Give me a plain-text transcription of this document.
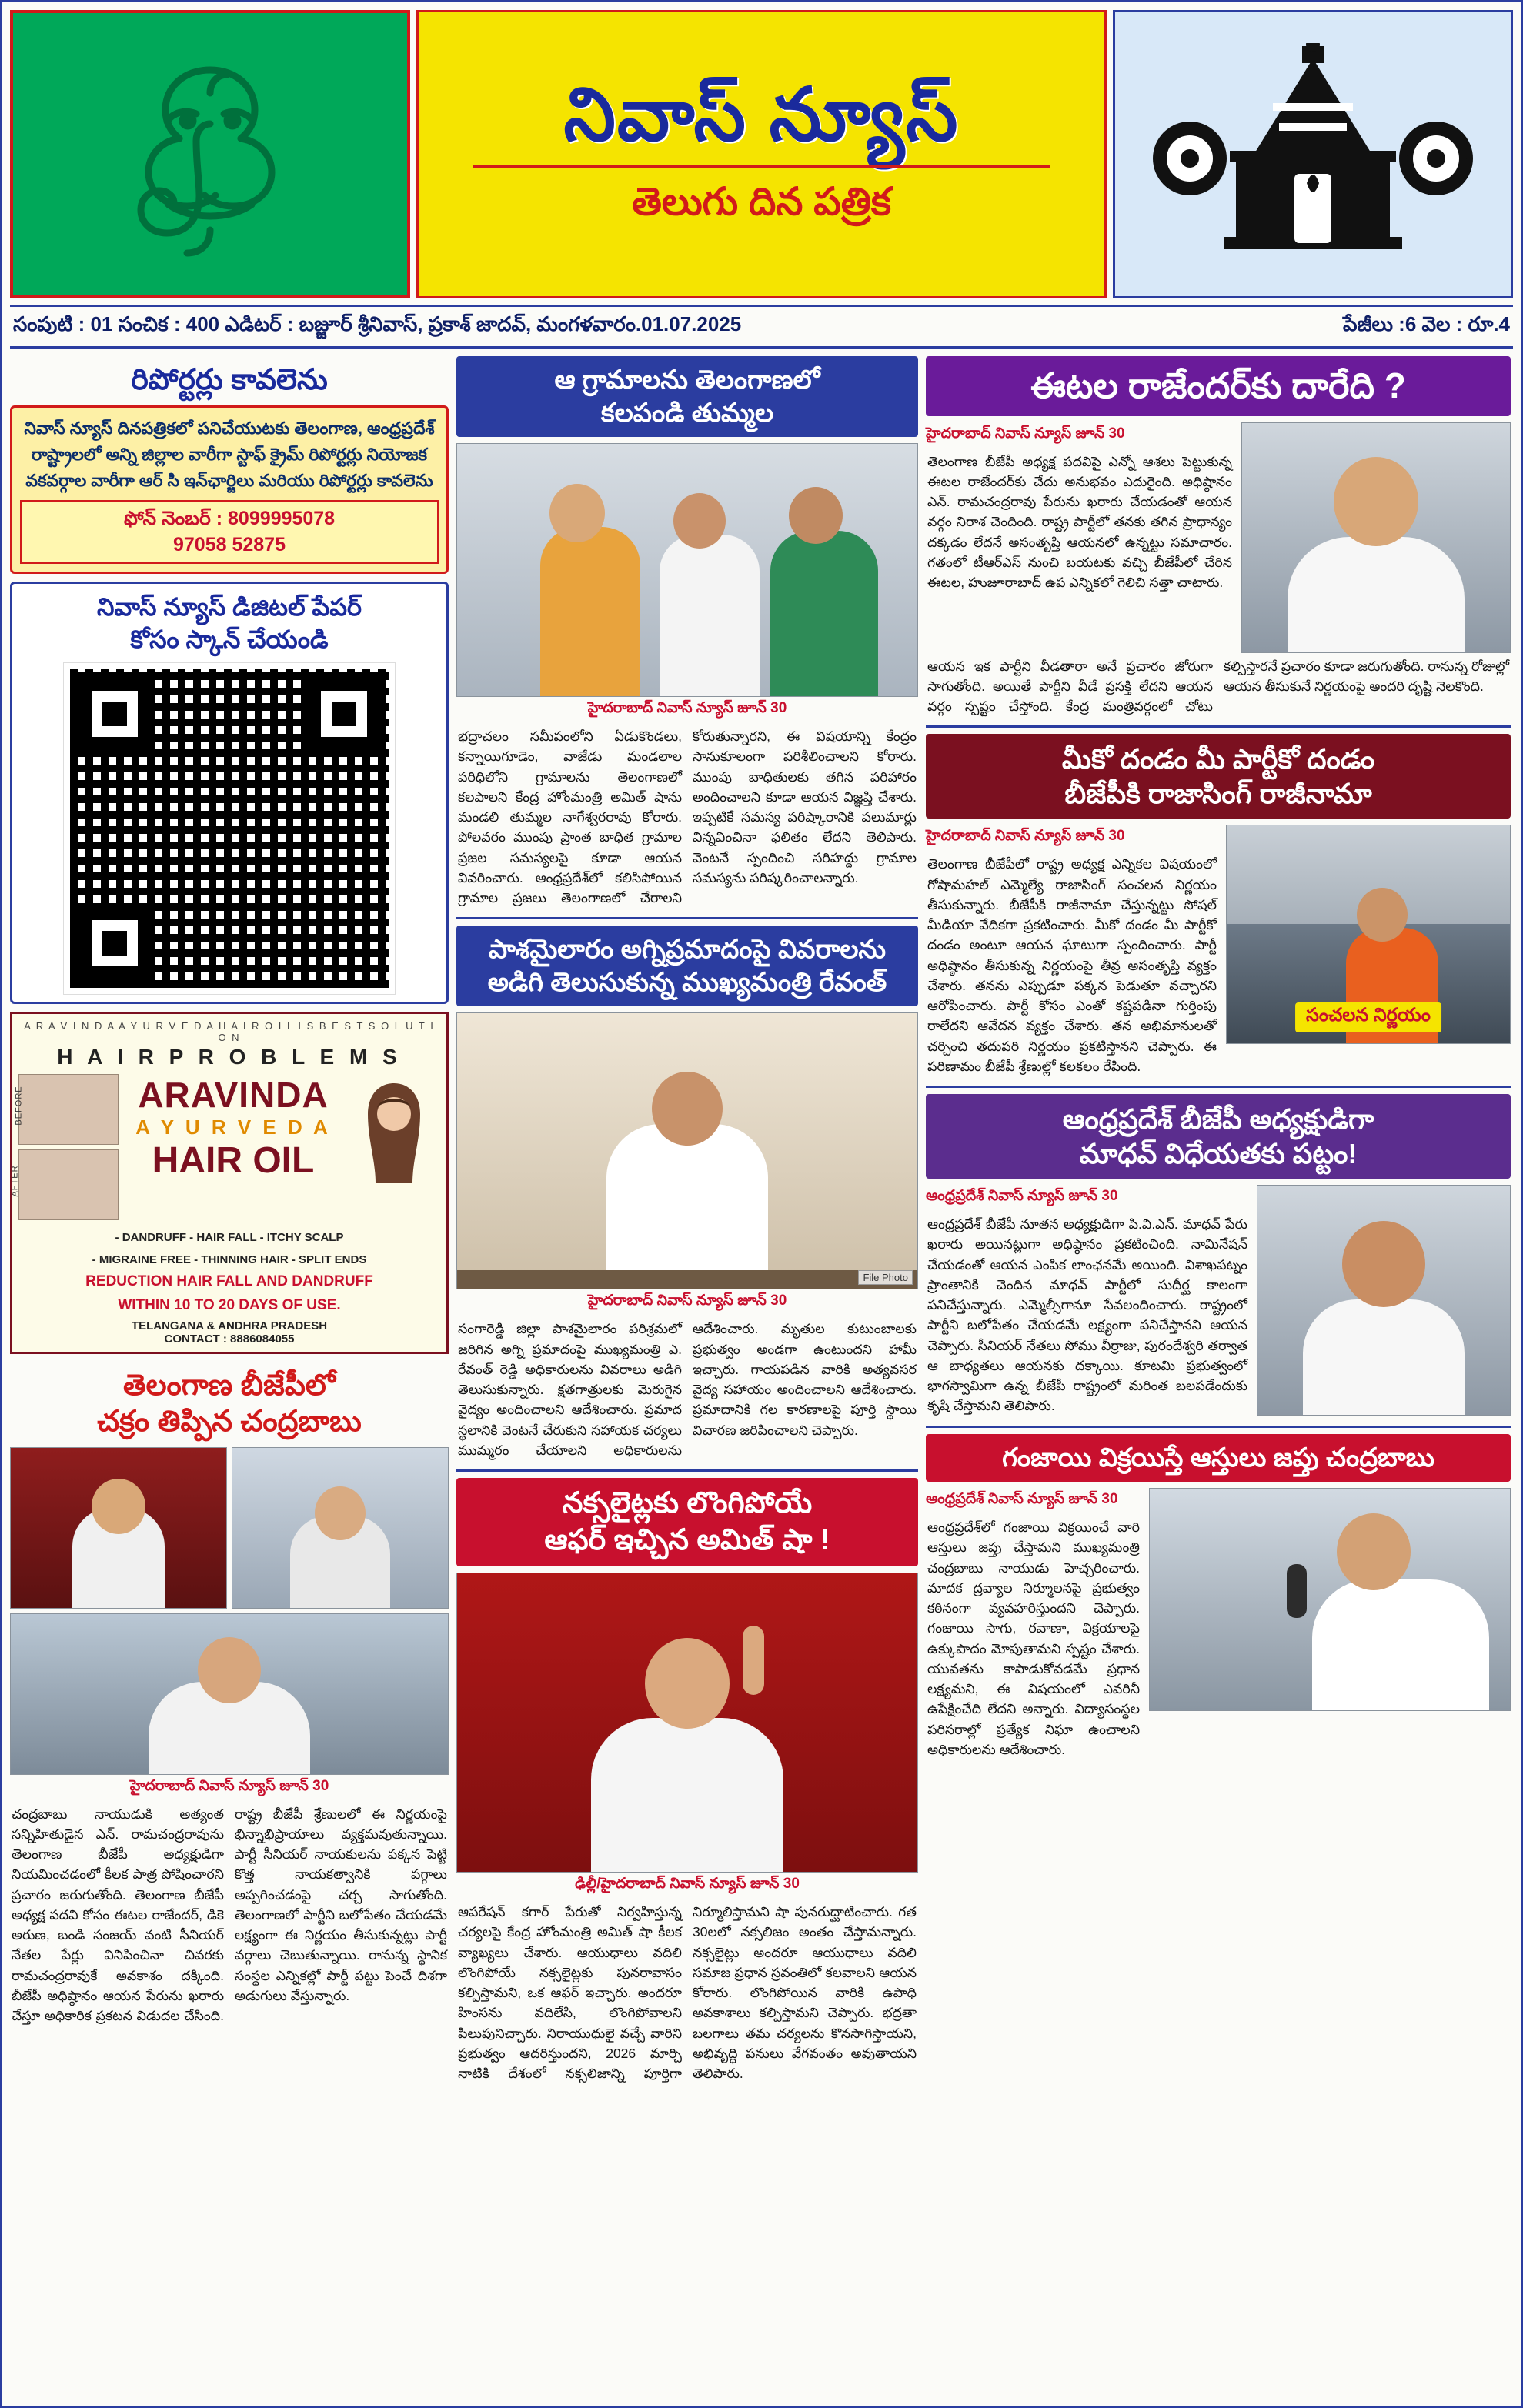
నివాస్ న్యూస్
తెలుగు దిన పత్రిక
సంపుటి : 01 సంచిక : 400 ఎడిటర్ : బజ్జూర్ శ్రీనివాస్, ప్రకాశ్ జాదవ్, మంగళవారం.01.07.2025	పేజీలు :6 వెల : రూ.4
రిపోర్టర్లు కావలెను
నివాస్ న్యూస్ దినపత్రికలో పనిచేయుటకు తెలంగాణ, ఆంధ్రప్రదేశ్ రాష్ట్రాలలో అన్ని జిల్లాల వారీగా స్టాఫ్ క్రైమ్ రిపోర్టర్లు నియోజక వకవర్గాల వారీగా ఆర్ సి ఇన్‌ఛార్జిలు మరియు రిపోర్టర్లు కావలెను
ఫోన్ నెంబర్ : 8099995078
97058 52875
నివాస్ న్యూస్ డిజిటల్ పేపర్
కోసం స్కాన్ చేయండి
A R A V I N D A A Y U R V E D A H A I R O I L I S B E S T S O L U T I O N
H A I R P R O B L E M S
BEFORE
AFTER
ARAVINDA
A Y U R V E D A
HAIR OIL
- DANDRUFF - HAIR FALL - ITCHY SCALP
- MIGRAINE FREE - THINNING HAIR - SPLIT ENDS
REDUCTION HAIR FALL AND DANDRUFF
WITHIN 10 TO 20 DAYS OF USE.
TELANGANA & ANDHRA PRADESH
CONTACT : 8886084055
తెలంగాణ బీజేపీలో
చక్రం తిప్పిన చంద్రబాబు
హైదరాబాద్ నివాస్ న్యూస్ జూన్ 30
చంద్రబాబు నాయుడుకి అత్యంత సన్నిహితుడైన ఎన్. రామచంద్రరావును తెలంగాణ బీజేపీ అధ్యక్షుడిగా నియమించడంలో కీలక పాత్ర పోషించారని ప్రచారం జరుగుతోంది. తెలంగాణ బీజేపీ అధ్యక్ష పదవి కోసం ఈటల రాజేందర్, డికె అరుణ, బండి సంజయ్ వంటి సీనియర్ నేతల పేర్లు వినిపించినా చివరకు రామచంద్రరావుకే అవకాశం దక్కింది. బీజేపీ అధిష్ఠానం ఆయన పేరును ఖరారు చేస్తూ అధికారిక ప్రకటన విడుదల చేసింది. రాష్ట్ర బీజేపీ శ్రేణులలో ఈ నిర్ణయంపై భిన్నాభిప్రాయాలు వ్యక్తమవుతున్నాయి. పార్టీ సీనియర్ నాయకులను పక్కన పెట్టి కొత్త నాయకత్వానికి పగ్గాలు అప్పగించడంపై చర్చ సాగుతోంది. తెలంగాణలో పార్టీని బలోపేతం చేయడమే లక్ష్యంగా ఈ నిర్ణయం తీసుకున్నట్లు పార్టీ వర్గాలు చెబుతున్నాయి. రానున్న స్థానిక సంస్థల ఎన్నికల్లో పార్టీ పట్టు పెంచే దిశగా అడుగులు వేస్తున్నారు.
ఆ గ్రామాలను తెలంగాణలో
కలపండి తుమ్మల
హైదరాబాద్ నివాస్ న్యూస్ జూన్ 30
భద్రాచలం సమీపంలోని ఏడుకొండలు, కన్నాయిగూడెం, వాజేడు మండలాల పరిధిలోని గ్రామాలను తెలంగాణలో కలపాలని కేంద్ర హోంమంత్రి అమిత్ షాను మండలి తుమ్మల నాగేశ్వరరావు కోరారు. పోలవరం ముంపు ప్రాంత బాధిత గ్రామాల ప్రజల సమస్యలపై కూడా ఆయన వివరించారు. ఆంధ్రప్రదేశ్‌లో కలిసిపోయిన గ్రామాల ప్రజలు తెలంగాణలో చేరాలని కోరుతున్నారని, ఈ విషయాన్ని కేంద్రం సానుకూలంగా పరిశీలించాలని కోరారు. ముంపు బాధితులకు తగిన పరిహారం అందించాలని కూడా ఆయన విజ్ఞప్తి చేశారు. ఇప్పటికే సమస్య పరిష్కారానికి పలుమార్లు విన్నవించినా ఫలితం లేదని తెలిపారు. వెంటనే స్పందించి సరిహద్దు గ్రామాల సమస్యను పరిష్కరించాలన్నారు.
పాశమైలారం అగ్నిప్రమాదంపై వివరాలను
అడిగి తెలుసుకున్న ముఖ్యమంత్రి రేవంత్
File Photo
హైదరాబాద్ నివాస్ న్యూస్ జూన్ 30
సంగారెడ్డి జిల్లా పాశమైలారం పరిశ్రమలో జరిగిన అగ్ని ప్రమాదంపై ముఖ్యమంత్రి ఎ. రేవంత్ రెడ్డి అధికారులను వివరాలు అడిగి తెలుసుకున్నారు. క్షతగాత్రులకు మెరుగైన వైద్యం అందించాలని ఆదేశించారు. ప్రమాద స్థలానికి వెంటనే చేరుకుని సహాయక చర్యలు ముమ్మరం చేయాలని అధికారులను ఆదేశించారు. మృతుల కుటుంబాలకు ప్రభుత్వం అండగా ఉంటుందని హామీ ఇచ్చారు. గాయపడిన వారికి అత్యవసర వైద్య సహాయం అందించాలని ఆదేశించారు. ప్రమాదానికి గల కారణాలపై పూర్తి స్థాయి విచారణ జరిపించాలని చెప్పారు.
నక్సలైట్లకు లొంగిపోయే
ఆఫర్ ఇచ్చిన అమిత్ షా !
ఢిల్లీ/హైదరాబాద్ నివాస్ న్యూస్ జూన్ 30
ఆపరేషన్ కగార్ పేరుతో నిర్వహిస్తున్న చర్యలపై కేంద్ర హోంమంత్రి అమిత్ షా కీలక వ్యాఖ్యలు చేశారు. ఆయుధాలు వదిలి లొంగిపోయే నక్సలైట్లకు పునరావాసం కల్పిస్తామని, ఒక ఆఫర్ ఇచ్చారు. అందరూ హింసను వదిలేసి, లొంగిపోవాలని పిలుపునిచ్చారు. నిరాయుధులై వచ్చే వారిని ప్రభుత్వం ఆదరిస్తుందని, 2026 మార్చి నాటికి దేశంలో నక్సలిజాన్ని పూర్తిగా నిర్మూలిస్తామని షా పునరుద్ఘాటించారు. గత 30లలో నక్సలిజం అంతం చేస్తామన్నారు. నక్సలైట్లు అందరూ ఆయుధాలు వదిలి సమాజ ప్రధాన స్రవంతిలో కలవాలని ఆయన కోరారు. లొంగిపోయిన వారికి ఉపాధి అవకాశాలు కల్పిస్తామని చెప్పారు. భద్రతా బలగాలు తమ చర్యలను కొనసాగిస్తాయని, అభివృద్ధి పనులు వేగవంతం అవుతాయని తెలిపారు.
ఈటల రాజేందర్‌కు దారేది ?
హైదరాబాద్ నివాస్ న్యూస్ జూన్ 30
తెలంగాణ బీజేపీ అధ్యక్ష పదవిపై ఎన్నో ఆశలు పెట్టుకున్న ఈటల రాజేందర్‌కు చేదు అనుభవం ఎదురైంది. అధిష్ఠానం ఎన్. రామచంద్రరావు పేరును ఖరారు చేయడంతో ఆయన వర్గం నిరాశ చెందింది. రాష్ట్ర పార్టీలో తనకు తగిన ప్రాధాన్యం దక్కడం లేదనే అసంతృప్తి ఆయనలో ఉన్నట్టు సమాచారం. గతంలో టీఆర్ఎస్ నుంచి బయటకు వచ్చి బీజేపీలో చేరిన ఈటల, హుజూరాబాద్ ఉప ఎన్నికలో గెలిచి సత్తా చాటారు.
ఆయన ఇక పార్టీని వీడతారా అనే ప్రచారం జోరుగా సాగుతోంది. అయితే పార్టీని వీడే ప్రసక్తి లేదని ఆయన వర్గం స్పష్టం చేస్తోంది. కేంద్ర మంత్రివర్గంలో చోటు కల్పిస్తారనే ప్రచారం కూడా జరుగుతోంది. రానున్న రోజుల్లో ఆయన తీసుకునే నిర్ణయంపై అందరి దృష్టి నెలకొంది.
మీకో దండం మీ పార్టీకో దండం
బీజేపీకి రాజాసింగ్ రాజీనామా
హైదరాబాద్ నివాస్ న్యూస్ జూన్ 30
తెలంగాణ బీజేపీలో రాష్ట్ర అధ్యక్ష ఎన్నికల విషయంలో గోషామహల్ ఎమ్మెల్యే రాజాసింగ్ సంచలన నిర్ణయం తీసుకున్నారు. బీజేపీకి రాజీనామా చేస్తున్నట్టు సోషల్ మీడియా వేదికగా ప్రకటించారు. మీకో దండం మీ పార్టీకో దండం అంటూ ఆయన ఘాటుగా స్పందించారు. పార్టీ అధిష్ఠానం తీసుకున్న నిర్ణయంపై తీవ్ర అసంతృప్తి వ్యక్తం చేశారు. తనను ఎప్పుడూ పక్కన పెడుతూ వచ్చారని ఆరోపించారు. పార్టీ కోసం ఎంతో కష్టపడినా గుర్తింపు రాలేదని ఆవేదన వ్యక్తం చేశారు. తన అభిమానులతో చర్చించి తదుపరి నిర్ణయం ప్రకటిస్తానని చెప్పారు. ఈ పరిణామం బీజేపీ శ్రేణుల్లో కలకలం రేపింది.
సంచలన నిర్ణయం
ఆంధ్రప్రదేశ్ బీజేపీ అధ్యక్షుడిగా
మాధవ్ విధేయతకు పట్టం!
ఆంధ్రప్రదేశ్ నివాస్ న్యూస్ జూన్ 30
ఆంధ్రప్రదేశ్ బీజేపీ నూతన అధ్యక్షుడిగా పి.వి.ఎన్. మాధవ్ పేరు ఖరారు అయినట్లుగా అధిష్ఠానం ప్రకటించింది. నామినేషన్ చేయడంతో ఆయన ఎంపిక లాంఛనమే అయింది. విశాఖపట్నం ప్రాంతానికి చెందిన మాధవ్ పార్టీలో సుదీర్ఘ కాలంగా పనిచేస్తున్నారు. ఎమ్మెల్సీగానూ సేవలందించారు. రాష్ట్రంలో పార్టీని బలోపేతం చేయడమే లక్ష్యంగా పనిచేస్తానని ఆయన చెప్పారు. సీనియర్ నేతలు సోము వీర్రాజు, పురందేశ్వరి తర్వాత ఆ బాధ్యతలు ఆయనకు దక్కాయి. కూటమి ప్రభుత్వంలో భాగస్వామిగా ఉన్న బీజేపీ రాష్ట్రంలో మరింత బలపడేందుకు కృషి చేస్తామని తెలిపారు.
గంజాయి విక్రయిస్తే ఆస్తులు జప్తు చంద్రబాబు
ఆంధ్రప్రదేశ్ నివాస్ న్యూస్ జూన్ 30
ఆంధ్రప్రదేశ్‌లో గంజాయి విక్రయించే వారి ఆస్తులు జప్తు చేస్తామని ముఖ్యమంత్రి చంద్రబాబు నాయుడు హెచ్చరించారు. మాదక ద్రవ్యాల నిర్మూలనపై ప్రభుత్వం కఠినంగా వ్యవహరిస్తుందని చెప్పారు. గంజాయి సాగు, రవాణా, విక్రయాలపై ఉక్కుపాదం మోపుతామని స్పష్టం చేశారు. యువతను కాపాడుకోవడమే ప్రధాన లక్ష్యమని, ఈ విషయంలో ఎవరినీ ఉపేక్షించేది లేదని అన్నారు. విద్యాసంస్థల పరిసరాల్లో ప్రత్యేక నిఘా ఉంచాలని అధికారులను ఆదేశించారు.
